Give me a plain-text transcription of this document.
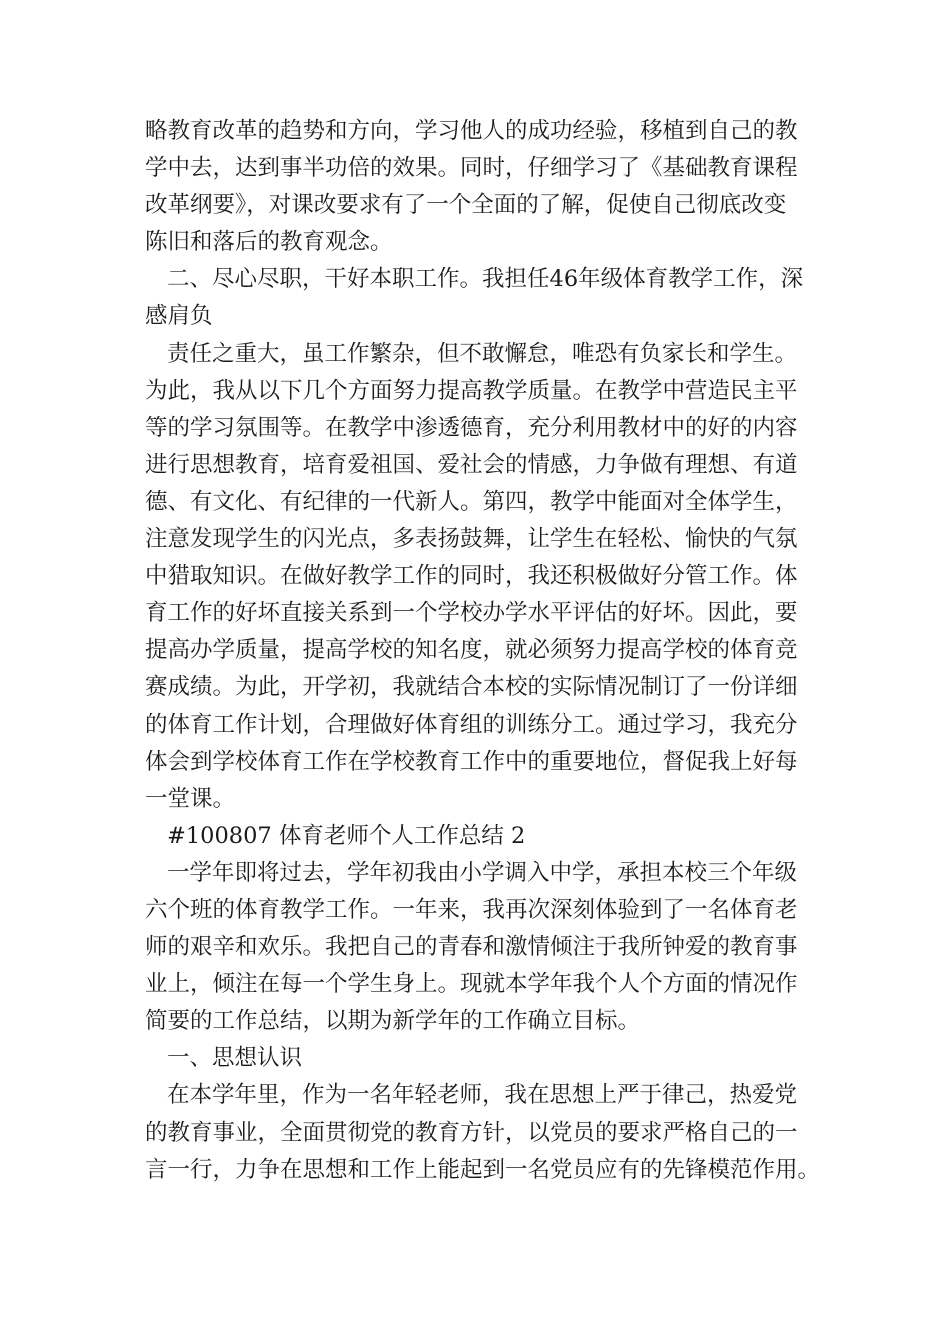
略教育改革的趋势和方向，学习他人的成功经验，移植到自己的教
学中去，达到事半功倍的效果。同时，仔细学习了《基础教育课程
改革纲要》，对课改要求有了一个全面的了解，促使自己彻底改变
陈旧和落后的教育观念。
二、尽心尽职，干好本职工作。我担任46年级体育教学工作，深
感肩负
责任之重大，虽工作繁杂，但不敢懈怠，唯恐有负家长和学生。
为此，我从以下几个方面努力提高教学质量。在教学中营造民主平
等的学习氛围等。在教学中渗透德育，充分利用教材中的好的内容
进行思想教育，培育爱祖国、爱社会的情感，力争做有理想、有道
德、有文化、有纪律的一代新人。第四，教学中能面对全体学生，
注意发现学生的闪光点，多表扬鼓舞，让学生在轻松、愉快的气氛
中猎取知识。在做好教学工作的同时，我还积极做好分管工作。体
育工作的好坏直接关系到一个学校办学水平评估的好坏。因此，要
提高办学质量，提高学校的知名度，就必须努力提高学校的体育竞
赛成绩。为此，开学初，我就结合本校的实际情况制订了一份详细
的体育工作计划，合理做好体育组的训练分工。通过学习，我充分
体会到学校体育工作在学校教育工作中的重要地位，督促我上好每
一堂课。
#100807 体育老师个人工作总结 2
一学年即将过去，学年初我由小学调入中学，承担本校三个年级
六个班的体育教学工作。一年来，我再次深刻体验到了一名体育老
师的艰辛和欢乐。我把自己的青春和激情倾注于我所钟爱的教育事
业上，倾注在每一个学生身上。现就本学年我个人个方面的情况作
简要的工作总结，以期为新学年的工作确立目标。
一、思想认识
在本学年里，作为一名年轻老师，我在思想上严于律己，热爱党
的教育事业，全面贯彻党的教育方针，以党员的要求严格自己的一
言一行，力争在思想和工作上能起到一名党员应有的先锋模范作用。
